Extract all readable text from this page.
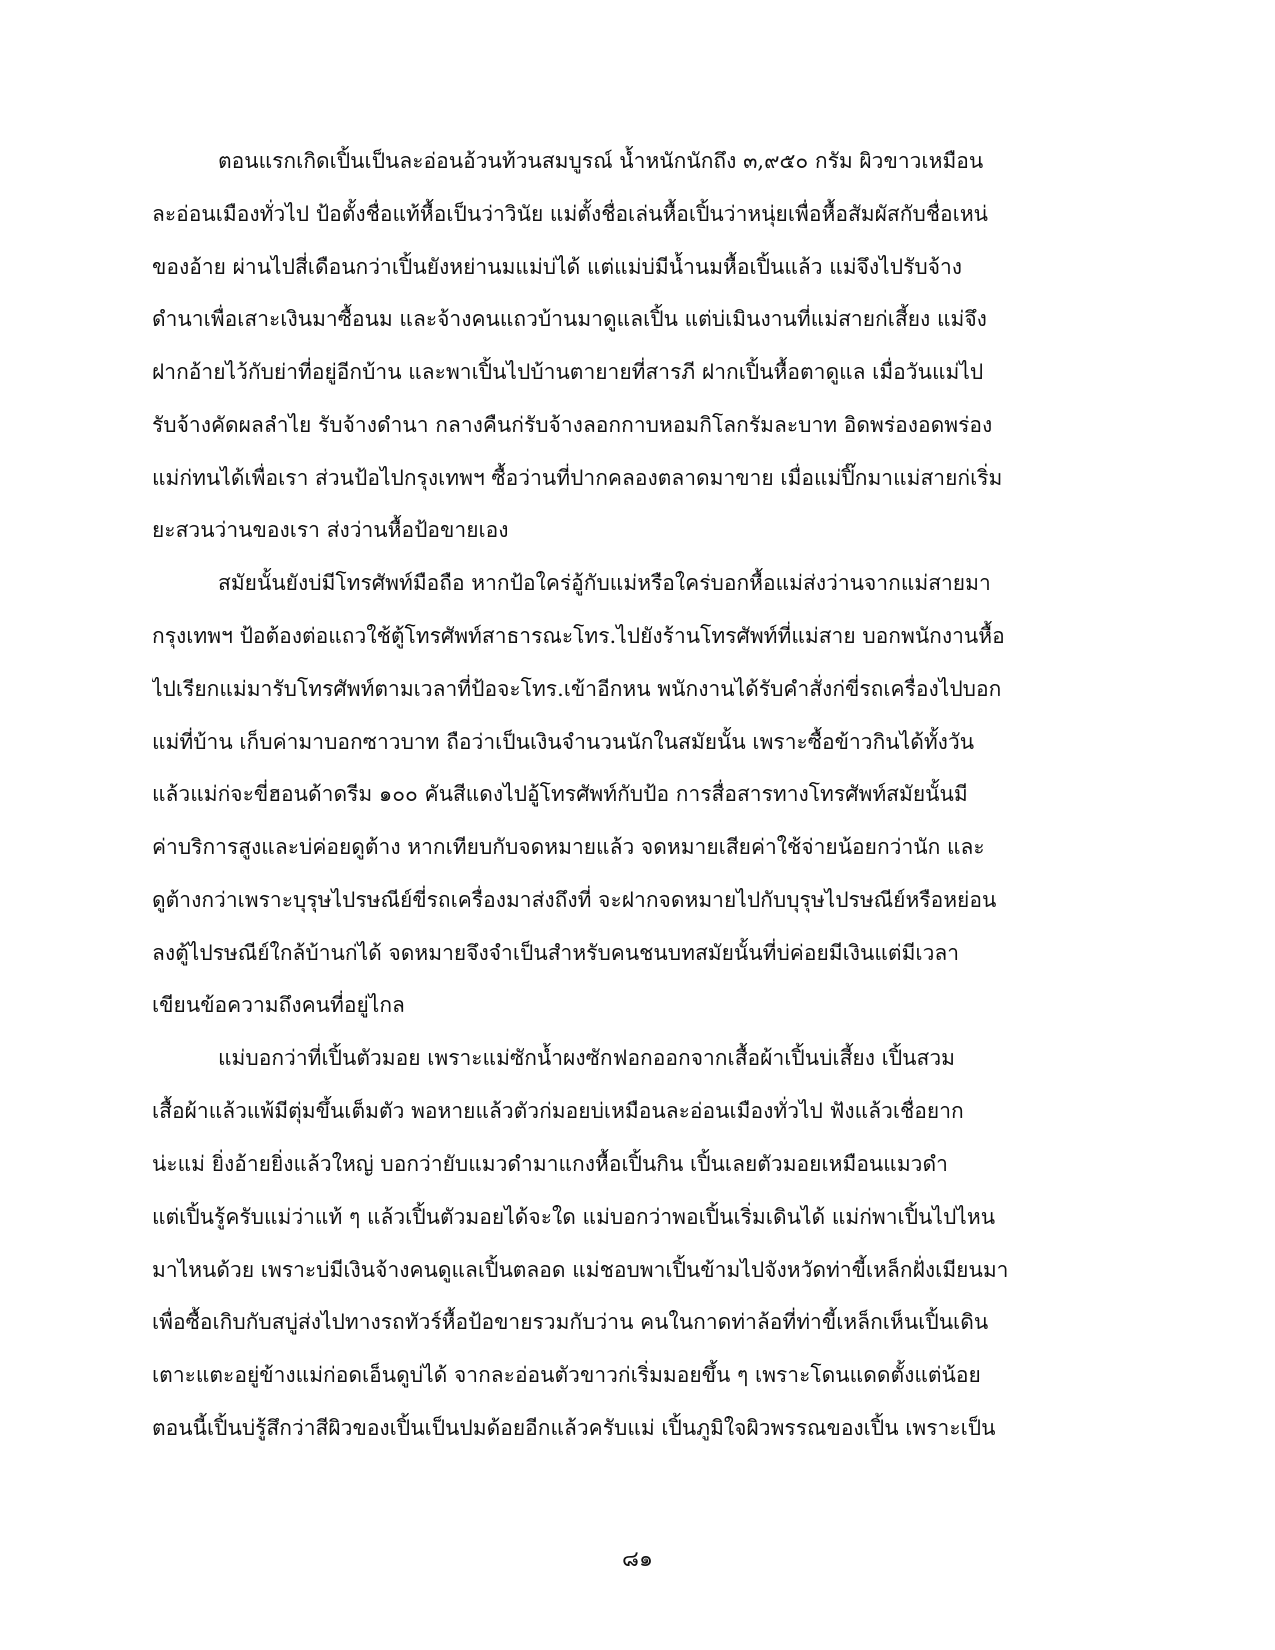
ตอนแรกเกิดเปิ้นเป็นละอ่อนอ้วนท้วนสมบูรณ์ น้ำหนักนักถึง ๓,๙๕๐ กรัม ผิวขาวเหมือน
ละอ่อนเมืองทั่วไป ป้อตั้งชื่อแท้หื้อเป็นว่าวินัย แม่ตั้งชื่อเล่นหื้อเปิ้นว่าหนุ่ยเพื่อหื้อสัมผัสกับชื่อเหน่
ของอ้าย ผ่านไปสี่เดือนกว่าเปิ้นยังหย่านมแม่บ่ได้ แต่แม่บ่มีน้ำนมหื้อเปิ้นแล้ว แม่จึงไปรับจ้าง
ดำนาเพื่อเสาะเงินมาซื้อนม และจ้างคนแถวบ้านมาดูแลเปิ้น แต่บ่เมินงานที่แม่สายก่เสี้ยง แม่จึง
ฝากอ้ายไว้กับย่าที่อยู่อีกบ้าน และพาเปิ้นไปบ้านตายายที่สารภี ฝากเปิ้นหื้อตาดูแล เมื่อวันแม่ไป
รับจ้างคัดผลลำไย รับจ้างดำนา กลางคืนก่รับจ้างลอกกาบหอมกิโลกรัมละบาท อิดพร่องอดพร่อง
แม่ก่ทนได้เพื่อเรา ส่วนป้อไปกรุงเทพฯ ซื้อว่านที่ปากคลองตลาดมาขาย เมื่อแม่ปิ๊กมาแม่สายก่เริ่ม
ยะสวนว่านของเรา ส่งว่านหื้อป้อขายเอง
สมัยนั้นยังบ่มีโทรศัพท์มือถือ หากป้อใคร่อู้กับแม่หรือใคร่บอกหื้อแม่ส่งว่านจากแม่สายมา
กรุงเทพฯ ป้อต้องต่อแถวใช้ตู้โทรศัพท์สาธารณะโทร.ไปยังร้านโทรศัพท์ที่แม่สาย บอกพนักงานหื้อ
ไปเรียกแม่มารับโทรศัพท์ตามเวลาที่ป้อจะโทร.เข้าอีกหน พนักงานได้รับคำสั่งก่ขี่รถเครื่องไปบอก
แม่ที่บ้าน เก็บค่ามาบอกซาวบาท ถือว่าเป็นเงินจำนวนนักในสมัยนั้น เพราะซื้อข้าวกินได้ทั้งวัน
แล้วแม่ก่จะขี่ฮอนด้าดรีม ๑๐๐ คันสีแดงไปอู้โทรศัพท์กับป้อ การสื่อสารทางโทรศัพท์สมัยนั้นมี
ค่าบริการสูงและบ่ค่อยดูต้าง หากเทียบกับจดหมายแล้ว จดหมายเสียค่าใช้จ่ายน้อยกว่านัก และ
ดูต้างกว่าเพราะบุรุษไปรษณีย์ขี่รถเครื่องมาส่งถึงที่ จะฝากจดหมายไปกับบุรุษไปรษณีย์หรือหย่อน
ลงตู้ไปรษณีย์ใกล้บ้านก่ได้ จดหมายจึงจำเป็นสำหรับคนชนบทสมัยนั้นที่บ่ค่อยมีเงินแต่มีเวลา
เขียนข้อความถึงคนที่อยู่ไกล
แม่บอกว่าที่เปิ้นตัวมอย เพราะแม่ซักน้ำผงซักฟอกออกจากเสื้อผ้าเปิ้นบ่เสี้ยง เปิ้นสวม
เสื้อผ้าแล้วแพ้มีตุ่มขึ้นเต็มตัว พอหายแล้วตัวก่มอยบ่เหมือนละอ่อนเมืองทั่วไป ฟังแล้วเชื่อยาก
น่ะแม่ ยิ่งอ้ายยิ่งแล้วใหญ่ บอกว่ายับแมวดำมาแกงหื้อเปิ้นกิน เปิ้นเลยตัวมอยเหมือนแมวดำ
แต่เปิ้นรู้ครับแม่ว่าแท้ ๆ แล้วเปิ้นตัวมอยได้จะใด แม่บอกว่าพอเปิ้นเริ่มเดินได้ แม่ก่พาเปิ้นไปไหน
มาไหนด้วย เพราะบ่มีเงินจ้างคนดูแลเปิ้นตลอด แม่ชอบพาเปิ้นข้ามไปจังหวัดท่าขี้เหล็กฝั่งเมียนมา
เพื่อซื้อเกิบกับสบู่ส่งไปทางรถทัวร์หื้อป้อขายรวมกับว่าน คนในกาดท่าล้อที่ท่าขี้เหล็กเห็นเปิ้นเดิน
เตาะแตะอยู่ข้างแม่ก่อดเอ็นดูบ่ได้ จากละอ่อนตัวขาวก่เริ่มมอยขึ้น ๆ เพราะโดนแดดตั้งแต่น้อย
ตอนนี้เปิ้นบ่รู้สึกว่าสีผิวของเปิ้นเป็นปมด้อยอีกแล้วครับแม่ เปิ้นภูมิใจผิวพรรณของเปิ้น เพราะเป็น
๘๑
